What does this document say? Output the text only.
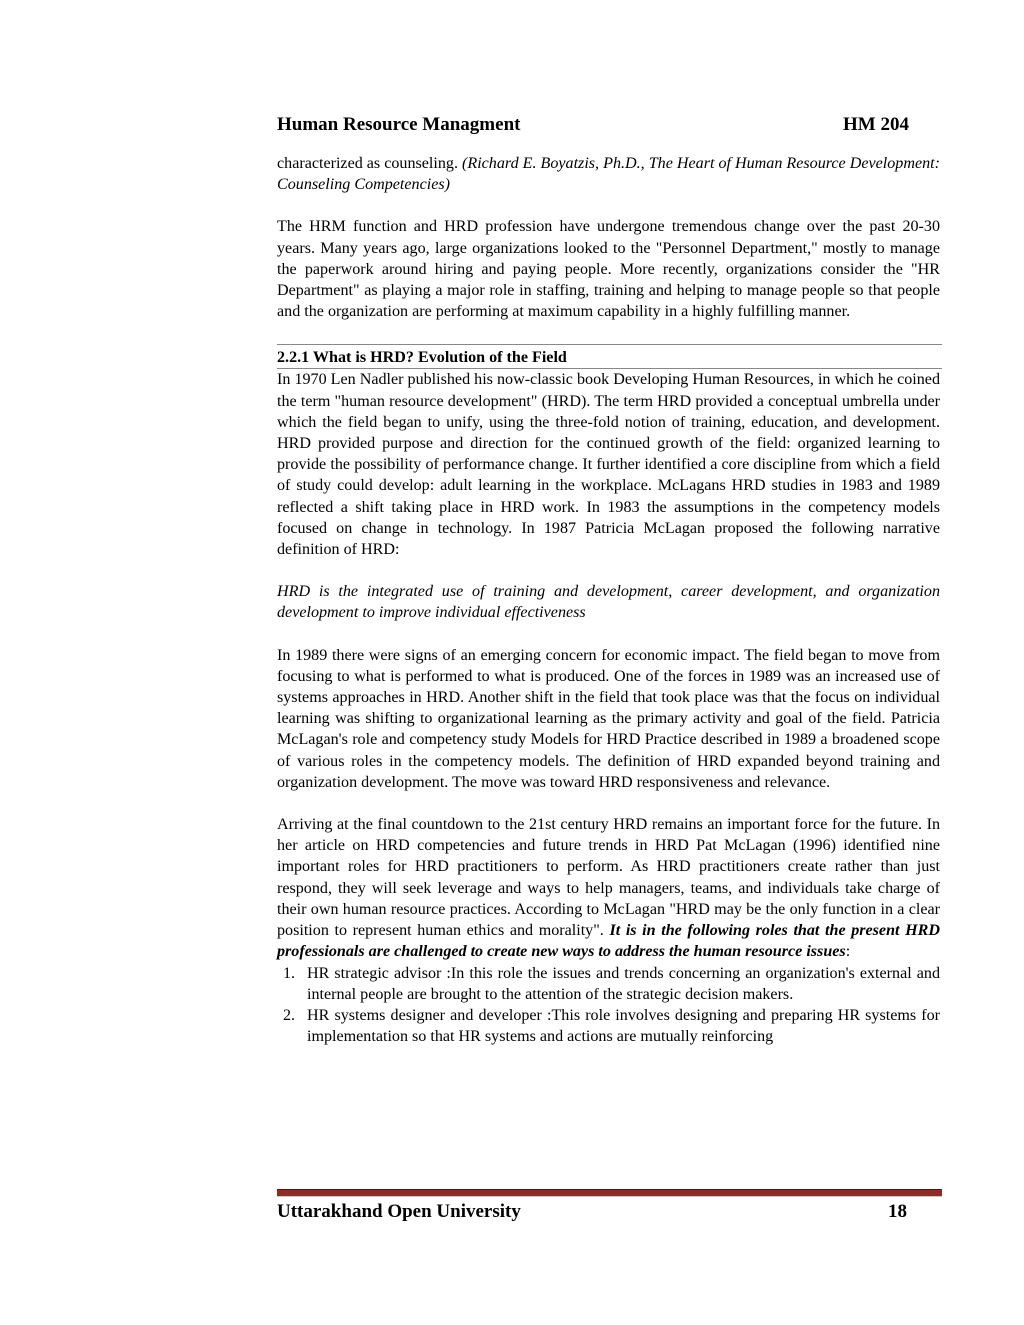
Human Resource Managment	HM 204

characterized as counseling. (Richard E. Boyatzis, Ph.D., The Heart of Human Resource Development: Counseling Competencies)

The HRM function and HRD profession have undergone tremendous change over the past 20-30 years. Many years ago, large organizations looked to the "Personnel Department," mostly to manage the paperwork around hiring and paying people. More recently, organizations consider the "HR Department" as playing a major role in staffing, training and helping to manage people so that people and the organization are performing at maximum capability in a highly fulfilling manner.

2.2.1 What is HRD? Evolution of the Field

In 1970 Len Nadler published his now-classic book Developing Human Resources, in which he coined the term "human resource development" (HRD). The term HRD provided a conceptual umbrella under which the field began to unify, using the three-fold notion of training, education, and development. HRD provided purpose and direction for the continued growth of the field: organized learning to provide the possibility of performance change. It further identified a core discipline from which a field of study could develop: adult learning in the workplace. McLagans HRD studies in 1983 and 1989 reflected a shift taking place in HRD work. In 1983 the assumptions in the competency models focused on change in technology. In 1987 Patricia McLagan proposed the following narrative definition of HRD:

HRD is the integrated use of training and development, career development, and organization development to improve individual effectiveness

In 1989 there were signs of an emerging concern for economic impact. The field began to move from focusing to what is performed to what is produced. One of the forces in 1989 was an increased use of systems approaches in HRD. Another shift in the field that took place was that the focus on individual learning was shifting to organizational learning as the primary activity and goal of the field. Patricia McLagan's role and competency study Models for HRD Practice described in 1989 a broadened scope of various roles in the competency models. The definition of HRD expanded beyond training and organization development. The move was toward HRD responsiveness and relevance.

Arriving at the final countdown to the 21st century HRD remains an important force for the future. In her article on HRD competencies and future trends in HRD Pat McLagan (1996) identified nine important roles for HRD practitioners to perform. As HRD practitioners create rather than just respond, they will seek leverage and ways to help managers, teams, and individuals take charge of their own human resource practices. According to McLagan "HRD may be the only function in a clear position to represent human ethics and morality". It is in the following roles that the present HRD professionals are challenged to create new ways to address the human resource issues:

1. HR strategic advisor :In this role the issues and trends concerning an organization's external and internal people are brought to the attention of the strategic decision makers.
2. HR systems designer and developer :This role involves designing and preparing HR systems for implementation so that HR systems and actions are mutually reinforcing
Uttarakhand Open University	18
